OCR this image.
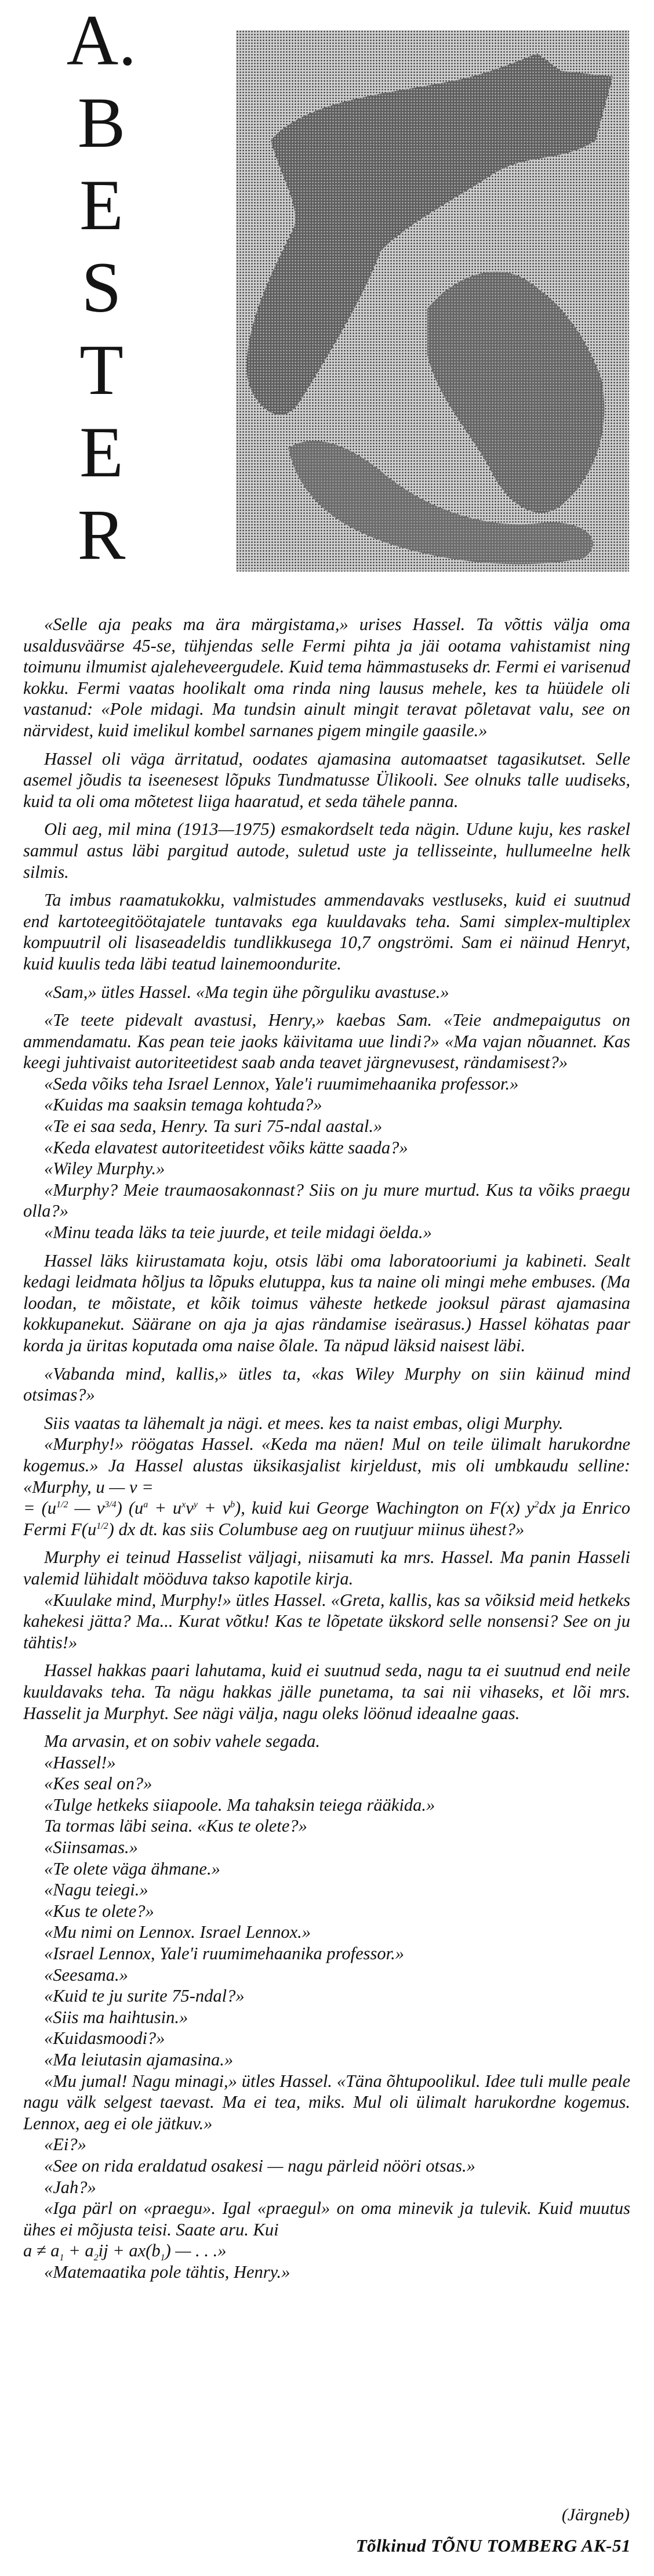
A.
B
E
S
T
E
R

«Selle aja peaks ma ära märgistama,» urises Hassel. Ta võttis välja oma usaldusväärse 45-se, tühjendas selle Fermi pihta ja jäi ootama vahistamist ning toimunu ilmumist ajaleheveergudele. Kuid tema hämmastuseks dr. Fermi ei varisenud kokku. Fermi vaatas hoolikalt oma rinda ning lausus mehele, kes ta hüüdele oli vastanud: «Pole midagi. Ma tundsin ainult mingit teravat põletavat valu, see on närvidest, kuid imelikul kombel sarnanes pigem mingile gaasile.»

Hassel oli väga ärritatud, oodates ajamasina automaatset tagasikutset. Selle asemel jõudis ta iseenesest lõpuks Tundmatusse Ülikooli. See olnuks talle uudiseks, kuid ta oli oma mõtetest liiga haaratud, et seda tähele panna.

Oli aeg, mil mina (1913—1975) esmakordselt teda nägin. Udune kuju, kes raskel sammul astus läbi pargitud autode, suletud uste ja tellisseinte, hullumeelne helk silmis.

Ta imbus raamatukokku, valmistudes ammendavaks vestluseks, kuid ei suutnud end kartoteegitöötajatele tuntavaks ega kuuldavaks teha. Sami simplex-multiplex kompuutril oli lisaseadeldis tundlikkusega 10,7 ongströmi. Sam ei näinud Henryt, kuid kuulis teda läbi teatud lainemoondurite.

«Sam,» ütles Hassel. «Ma tegin ühe põrguliku avastuse.»

«Te teete pidevalt avastusi, Henry,» kaebas Sam. «Teie andmepaigutus on ammendamatu. Kas pean teie jaoks käivitama uue lindi?» «Ma vajan nõuannet. Kas keegi juhtivaist autoriteetidest saab anda teavet järgnevusest, rändamisest?»

«Seda võiks teha Israel Lennox, Yale'i ruumimehaanika professor.»

«Kuidas ma saaksin temaga kohtuda?»

«Te ei saa seda, Henry. Ta suri 75-ndal aastal.»

«Keda elavatest autoriteetidest võiks kätte saada?»

«Wiley Murphy.»

«Murphy? Meie traumaosakonnast? Siis on ju mure murtud. Kus ta võiks praegu olla?»

«Minu teada läks ta teie juurde, et teile midagi öelda.»

Hassel läks kiirustamata koju, otsis läbi oma laboratooriumi ja kabineti. Sealt kedagi leidmata hõljus ta lõpuks elutuppa, kus ta naine oli mingi mehe embuses. (Ma loodan, te mõistate, et kõik toimus väheste hetkede jooksul pärast ajamasina kokkupanekut. Säärane on aja ja ajas rändamise iseärasus.) Hassel köhatas paar korda ja üritas koputada oma naise õlale. Ta näpud läksid naisest läbi.

«Vabanda mind, kallis,» ütles ta, «kas Wiley Murphy on siin käinud mind otsimas?»

Siis vaatas ta lähemalt ja nägi. et mees. kes ta naist embas, oligi Murphy.

«Murphy!» röögatas Hassel. «Keda ma näen! Mul on teile ülimalt harukordne kogemus.» Ja Hassel alustas üksikasjalist kirjeldust, mis oli umbkaudu selline: «Murphy, u — v =

= ($u^{1/2}$ — $v^{3/4}$) $(u^a + u^xv^y + v^b)$, kuid kui George Wachington on F(x) $y^2dx$ ja Enrico Fermi $F(u^{1/2})$ dx dt. kas siis Columbuse aeg on ruutjuur miinus ühest?»

Murphy ei teinud Hasselist väljagi, niisamuti ka mrs. Hassel. Ma panin Hasseli valemid lühidalt mööduva takso kapotile kirja.

«Kuulake mind, Murphy!» ütles Hassel. «Greta, kallis, kas sa võiksid meid hetkeks kahekesi jätta? Ma... Kurat võtku! Kas te lõpetate ükskord selle nonsensi? See on ju tähtis!»

Hassel hakkas paari lahutama, kuid ei suutnud seda, nagu ta ei suutnud end neile kuuldavaks teha. Ta nägu hakkas jälle punetama, ta sai nii vihaseks, et lõi mrs. Hasselit ja Murphyt. See nägi välja, nagu oleks löönud ideaalne gaas.

Ma arvasin, et on sobiv vahele segada.

«Hassel!»

«Kes seal on?»

«Tulge hetkeks siiapoole. Ma tahaksin teiega rääkida.»

Ta tormas läbi seina. «Kus te olete?»

«Siinsamas.»

«Te olete väga ähmane.»

«Nagu teiegi.»

«Kus te olete?»

«Mu nimi on Lennox. Israel Lennox.»

«Israel Lennox, Yale'i ruumimehaanika professor.»

«Seesama.»

«Kuid te ju surite 75-ndal?»

«Siis ma haihtusin.»

«Kuidasmoodi?»

«Ma leiutasin ajamasina.»

«Mu jumal! Nagu minagi,» ütles Hassel. «Täna õhtupoolikul. Idee tuli mulle peale nagu välk selgest taevast. Ma ei tea, miks. Mul oli ülimalt harukordne kogemus. Lennox, aeg ei ole jätkuv.»

«Ei?»

«See on rida eraldatud osakesi — nagu pärleid nööri otsas.»

«Jah?»

«Iga pärl on «praegu». Igal «praegul» on oma minevik ja tulevik. Kuid muutus ühes ei mõjusta teisi. Saate aru. Kui

$a \ne a_1 + a_2ij + ax(b_1)$ — . . .»

«Matemaatika pole tähtis, Henry.»

(Järgneb)
Tõlkinud TÕNU TOMBERG AK-51
